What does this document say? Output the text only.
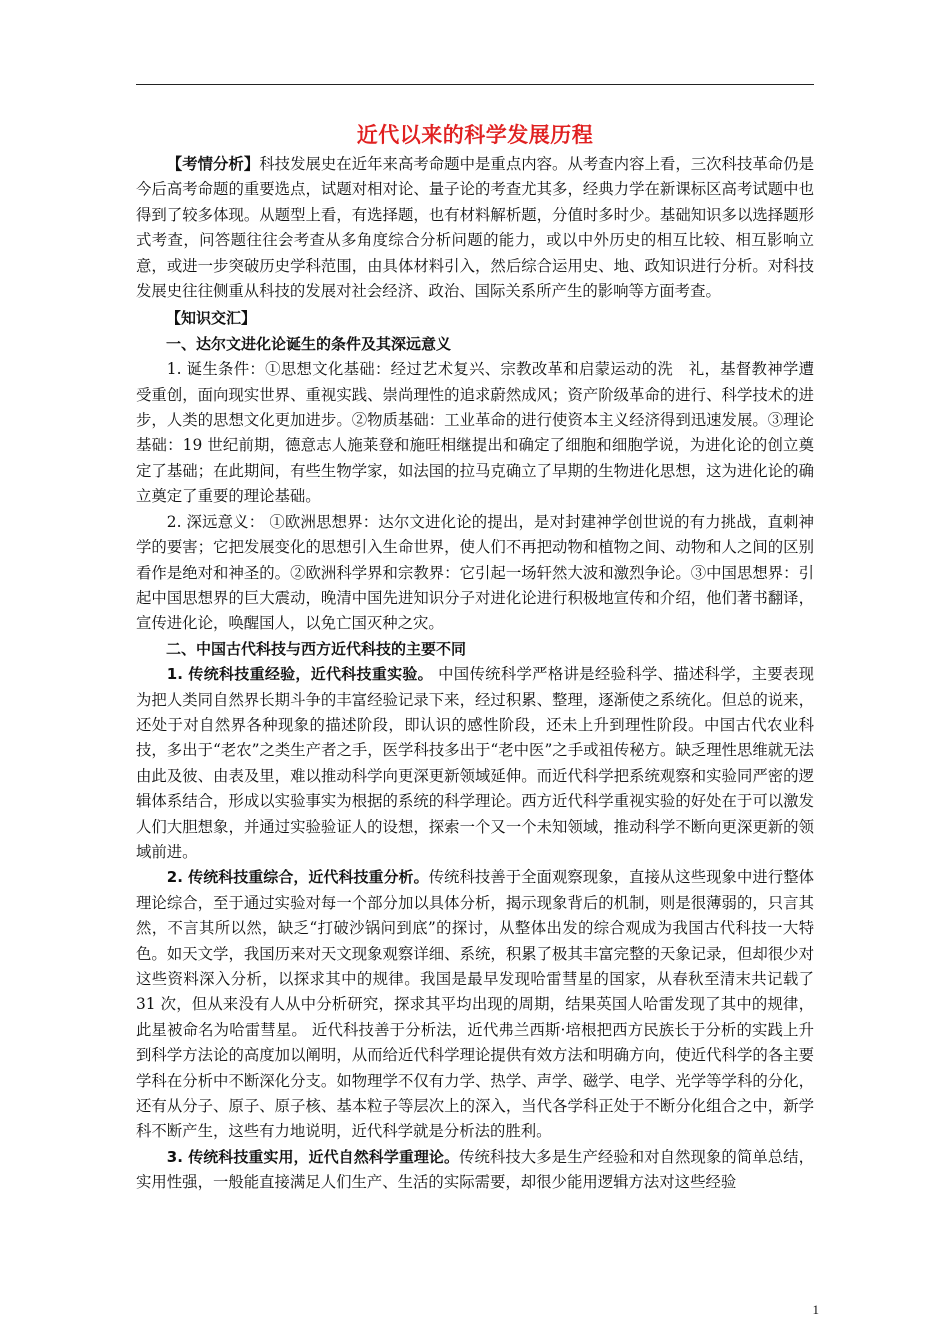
近代以来的科学发展历程

【考情分析】科技发展史在近年来高考命题中是重点内容。从考查内容上看，三次科技革命仍是今后高考命题的重要选点，试题对相对论、量子论的考查尤其多，经典力学在新课标区高考试题中也得到了较多体现。从题型上看，有选择题，也有材料解析题，分值时多时少。基础知识多以选择题形式考查，问答题往往会考查从多角度综合分析问题的能力，或以中外历史的相互比较、相互影响立意，或进一步突破历史学科范围，由具体材料引入，然后综合运用史、地、政知识进行分析。对科技发展史往往侧重从科技的发展对社会经济、政治、国际关系所产生的影响等方面考查。

【知识交汇】

一、达尔文进化论诞生的条件及其深远意义

1. 诞生条件：①思想文化基础：经过艺术复兴、宗教改革和启蒙运动的洗　礼，基督教神学遭受重创，面向现实世界、重视实践、崇尚理性的追求蔚然成风；资产阶级革命的进行、科学技术的进步，人类的思想文化更加进步。②物质基础：工业革命的进行使资本主义经济得到迅速发展。③理论基础：19 世纪前期，德意志人施莱登和施旺相继提出和确定了细胞和细胞学说，为进化论的创立奠定了基础；在此期间，有些生物学家，如法国的拉马克确立了早期的生物进化思想，这为进化论的确立奠定了重要的理论基础。

2. 深远意义： ①欧洲思想界：达尔文进化论的提出，是对封建神学创世说的有力挑战，直刺神学的要害；它把发展变化的思想引入生命世界，使人们不再把动物和植物之间、动物和人之间的区别看作是绝对和神圣的。②欧洲科学界和宗教界：它引起一场轩然大波和激烈争论。③中国思想界：引起中国思想界的巨大震动，晚清中国先进知识分子对进化论进行积极地宣传和介绍，他们著书翻译，宣传进化论，唤醒国人，以免亡国灭种之灾。

二、中国古代科技与西方近代科技的主要不同

1. 传统科技重经验，近代科技重实验。 中国传统科学严格讲是经验科学、描述科学，主要表现为把人类同自然界长期斗争的丰富经验记录下来，经过积累、整理，逐渐使之系统化。但总的说来，还处于对自然界各种现象的描述阶段，即认识的感性阶段，还未上升到理性阶段。中国古代农业科技，多出于“老农”之类生产者之手，医学科技多出于“老中医”之手或祖传秘方。缺乏理性思维就无法由此及彼、由表及里，难以推动科学向更深更新领域延伸。而近代科学把系统观察和实验同严密的逻辑体系结合，形成以实验事实为根据的系统的科学理论。西方近代科学重视实验的好处在于可以激发人们大胆想象，并通过实验验证人的设想，探索一个又一个未知领域，推动科学不断向更深更新的领域前进。

2. 传统科技重综合，近代科技重分析。传统科技善于全面观察现象，直接从这些现象中进行整体理论综合，至于通过实验对每一个部分加以具体分析，揭示现象背后的机制，则是很薄弱的，只言其然，不言其所以然，缺乏“打破沙锅问到底”的探讨，从整体出发的综合观成为我国古代科技一大特色。如天文学，我国历来对天文现象观察详细、系统，积累了极其丰富完整的天象记录，但却很少对这些资料深入分析，以探求其中的规律。我国是最早发现哈雷彗星的国家，从春秋至清末共记载了 31 次，但从来没有人从中分析研究，探求其平均出现的周期，结果英国人哈雷发现了其中的规律，此星被命名为哈雷彗星。 近代科技善于分析法，近代弗兰西斯·培根把西方民族长于分析的实践上升到科学方法论的高度加以阐明，从而给近代科学理论提供有效方法和明确方向，使近代科学的各主要学科在分析中不断深化分支。如物理学不仅有力学、热学、声学、磁学、电学、光学等学科的分化，还有从分子、原子、原子核、基本粒子等层次上的深入，当代各学科正处于不断分化组合之中，新学科不断产生，这些有力地说明，近代科学就是分析法的胜利。

3. 传统科技重实用，近代自然科学重理论。传统科技大多是生产经验和对自然现象的简单总结，实用性强，一般能直接满足人们生产、生活的实际需要，却很少能用逻辑方法对这些经验

1
